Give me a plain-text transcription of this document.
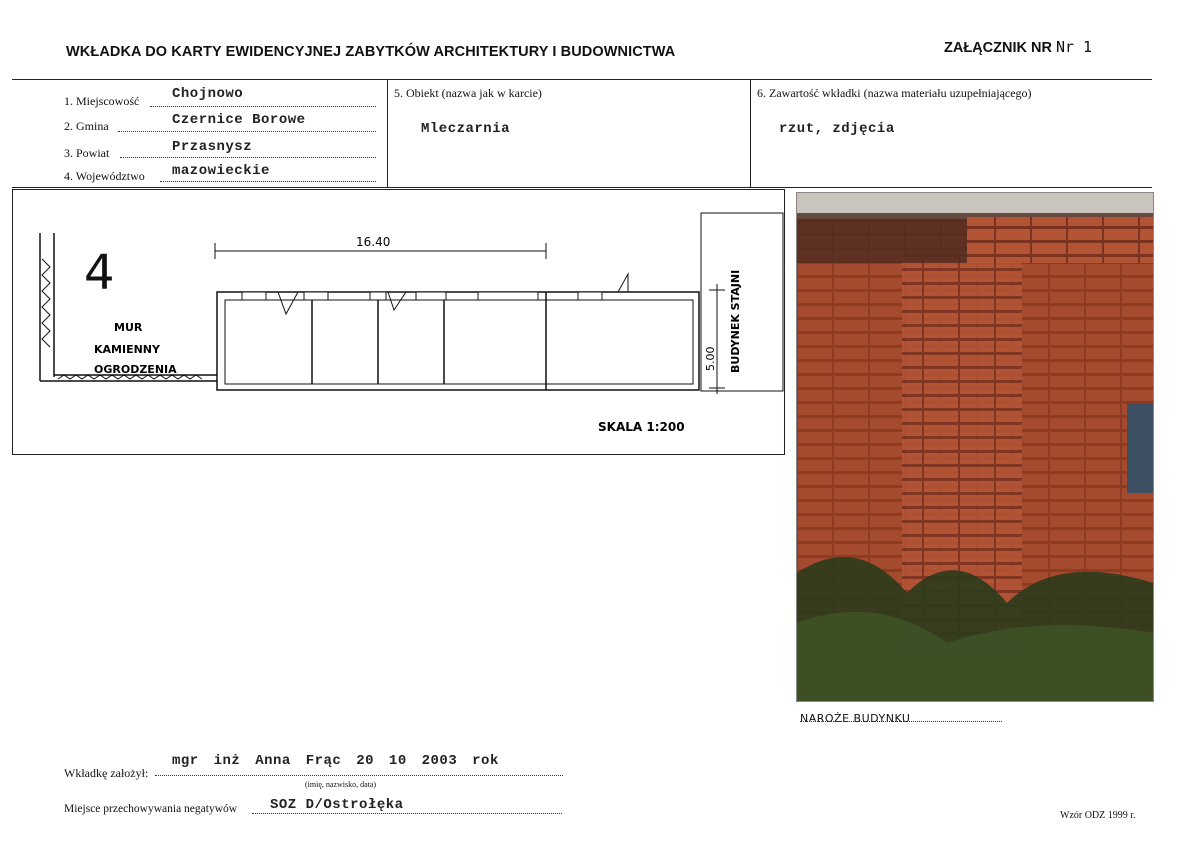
WKŁADKA DO KARTY EWIDENCYJNEJ ZABYTKÓW ARCHITEKTURY I BUDOWNICTWA	ZAŁĄCZNIK NR Nr 1
1. Miejscowość Chojnowo
2. Gmina	Czernice Borowe
3. Powiat	Przasnysz
4. Województwo mazowieckie
5. Obiekt (nazwa jak w karcie)
Mleczarnia
6. Zawartość wkładki (nazwa materiału uzupełniającego)
rzut, zdjęcia
4
16.40
5.00 BUDYNEK STAJNI
MUR
KAMIENNY
OGRODZENIA
SKALA 1:200
NAROŻE BUDYNKU
Wkładkę założył:
mgr inż Anna Frąc 20 10 2003 rok
(imię, nazwisko, data)
Miejsce przechowywania negatywów SOZ D/Ostrołęka
Wzór ODZ 1999 r.
